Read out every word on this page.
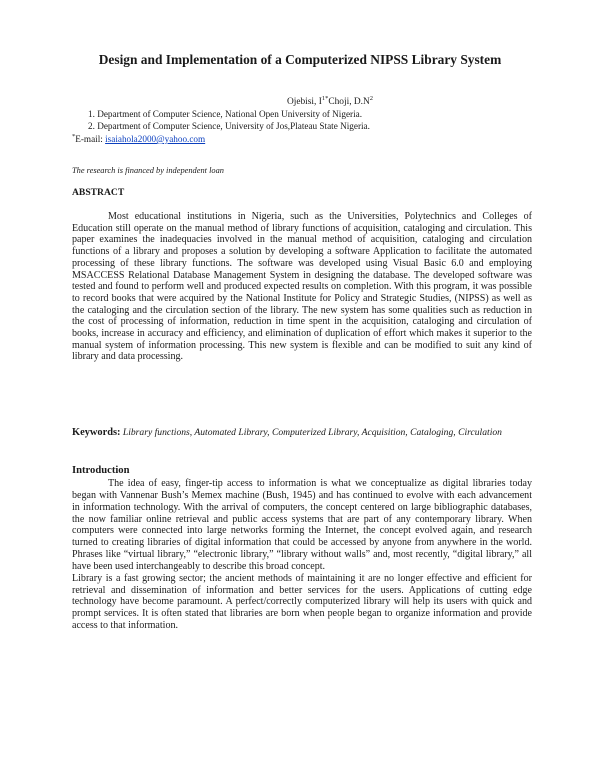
Design and Implementation of a Computerized NIPSS Library System
Ojebisi, $I^{1*}Choji$, $D.N^2$
1. Department of Computer Science, National Open University of Nigeria.
2. Department of Computer Science, University of Jos,Plateau State Nigeria.
*E-mail: isaiahola2000@yahoo.com
The research is financed by independent loan
ABSTRACT

Most educational institutions in Nigeria, such as the Universities, Polytechnics and Colleges of Education still operate on the manual method of library functions of acquisition, cataloging and circulation. This paper examines the inadequacies involved in the manual method of acquisition, cataloging and circulation functions of a library and proposes a solution by developing a software Application to facilitate the automated processing of these library functions. The software was developed using Visual Basic 6.0 and employing MSACCESS Relational Database Management System in designing the database. The developed software was tested and found to perform well and produced expected results on completion. With this program, it was possible to record books that were acquired by the National Institute for Policy and Strategic Studies, (NIPSS) as well as the cataloging and the circulation section of the library. The new system has some qualities such as reduction in the cost of processing of information, reduction in time spent in the acquisition, cataloging and circulation of books, increase in accuracy and efficiency, and elimination of duplication of effort which makes it superior to the manual system of information processing. This new system is flexible and can be modified to suit any kind of library and data processing.

Keywords: Library functions, Automated Library, Computerized Library, Acquisition, Cataloging, Circulation
Introduction

The idea of easy, finger-tip access to information is what we conceptualize as digital libraries today began with Vannenar Bush’s Memex machine (Bush, 1945) and has continued to evolve with each advancement in information technology. With the arrival of computers, the concept centered on large bibliographic databases, the now familiar online retrieval and public access systems that are part of any contemporary library. When computers were connected into large networks forming the Internet, the concept evolved again, and research turned to creating libraries of digital information that could be accessed by anyone from anywhere in the world. Phrases like “virtual library,” “electronic library,” “library without walls” and, most recently, “digital library,” all have been used interchangeably to describe this broad concept.

Library is a fast growing sector; the ancient methods of maintaining it are no longer effective and efficient for retrieval and dissemination of information and better services for the users. Applications of cutting edge technology have become paramount. A perfect/correctly computerized library will help its users with quick and prompt services. It is often stated that libraries are born when people began to organize information and provide access to that information.
